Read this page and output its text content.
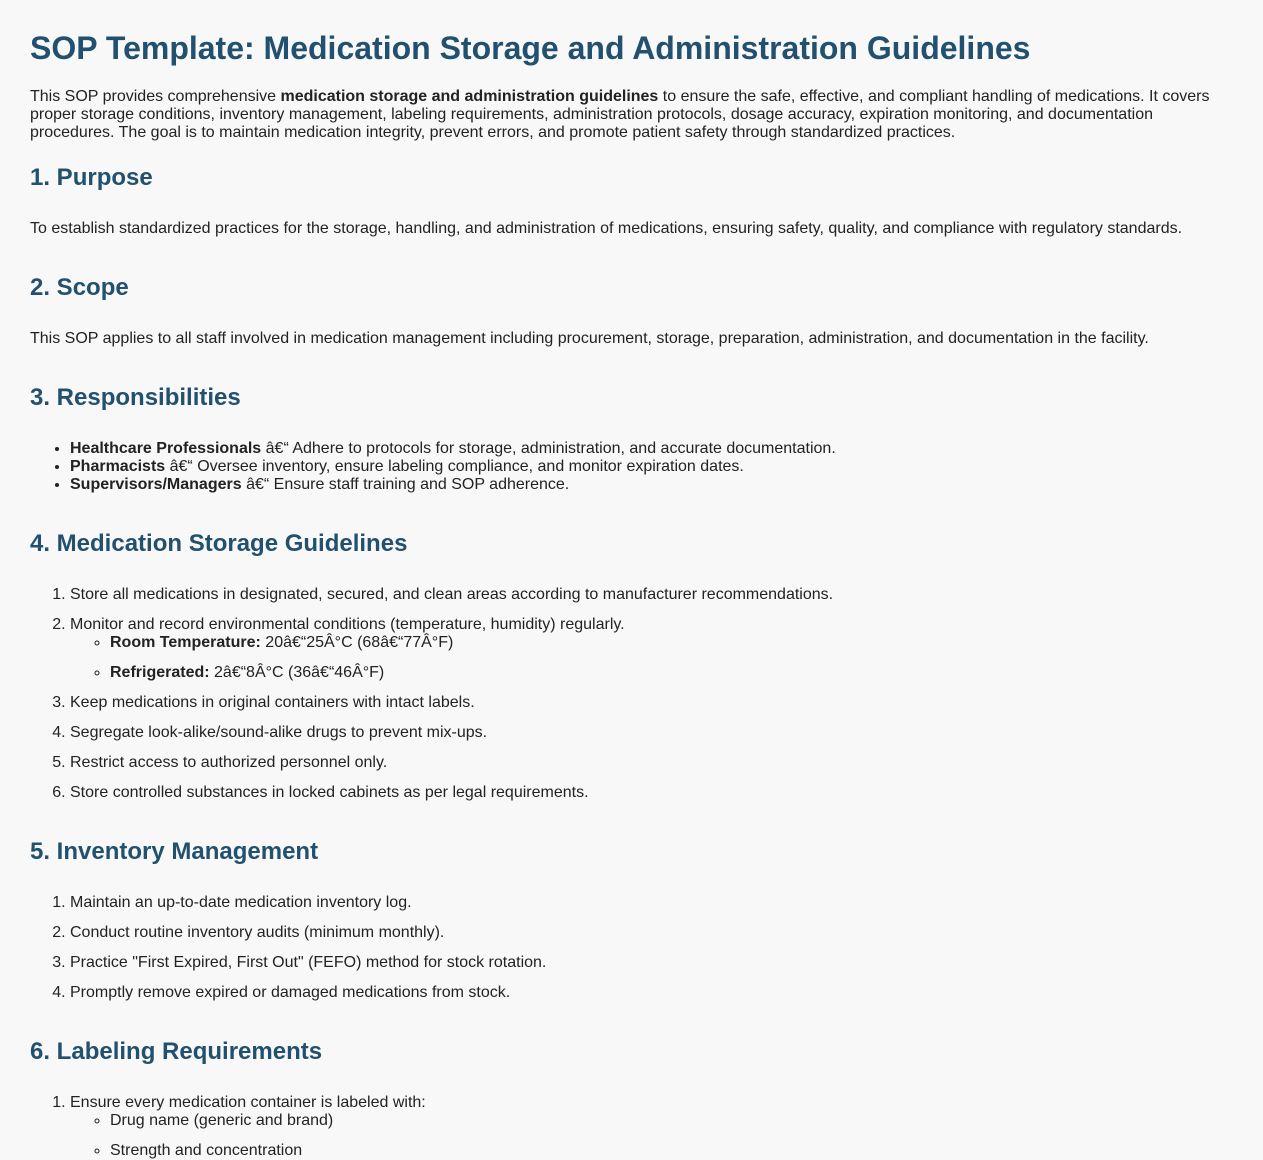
SOP Template: Medication Storage and Administration Guidelines

This SOP provides comprehensive medication storage and administration guidelines to ensure the safe, effective, and compliant handling of medications. It covers proper storage conditions, inventory management, labeling requirements, administration protocols, dosage accuracy, expiration monitoring, and documentation procedures. The goal is to maintain medication integrity, prevent errors, and promote patient safety through standardized practices.

1. Purpose

To establish standardized practices for the storage, handling, and administration of medications, ensuring safety, quality, and compliance with regulatory standards.

2. Scope

This SOP applies to all staff involved in medication management including procurement, storage, preparation, administration, and documentation in the facility.

3. Responsibilities
• Healthcare Professionals â€“ Adhere to protocols for storage, administration, and accurate documentation.
• Pharmacists â€“ Oversee inventory, ensure labeling compliance, and monitor expiration dates.
• Supervisors/Managers â€“ Ensure staff training and SOP adherence.
4. Medication Storage Guidelines
1. Store all medications in designated, secured, and clean areas according to manufacturer recommendations.
2. Monitor and record environmental conditions (temperature, humidity) regularly.
◦ Room Temperature: 20â€“25Â°C (68â€“77Â°F)
◦ Refrigerated: 2â€“8Â°C (36â€“46Â°F)
3. Keep medications in original containers with intact labels.
4. Segregate look-alike/sound-alike drugs to prevent mix-ups.
5. Restrict access to authorized personnel only.
6. Store controlled substances in locked cabinets as per legal requirements.
5. Inventory Management
1. Maintain an up-to-date medication inventory log.
2. Conduct routine inventory audits (minimum monthly).
3. Practice "First Expired, First Out" (FEFO) method for stock rotation.
4. Promptly remove expired or damaged medications from stock.
6. Labeling Requirements
1. Ensure every medication container is labeled with:
◦ Drug name (generic and brand)
◦ Strength and concentration
